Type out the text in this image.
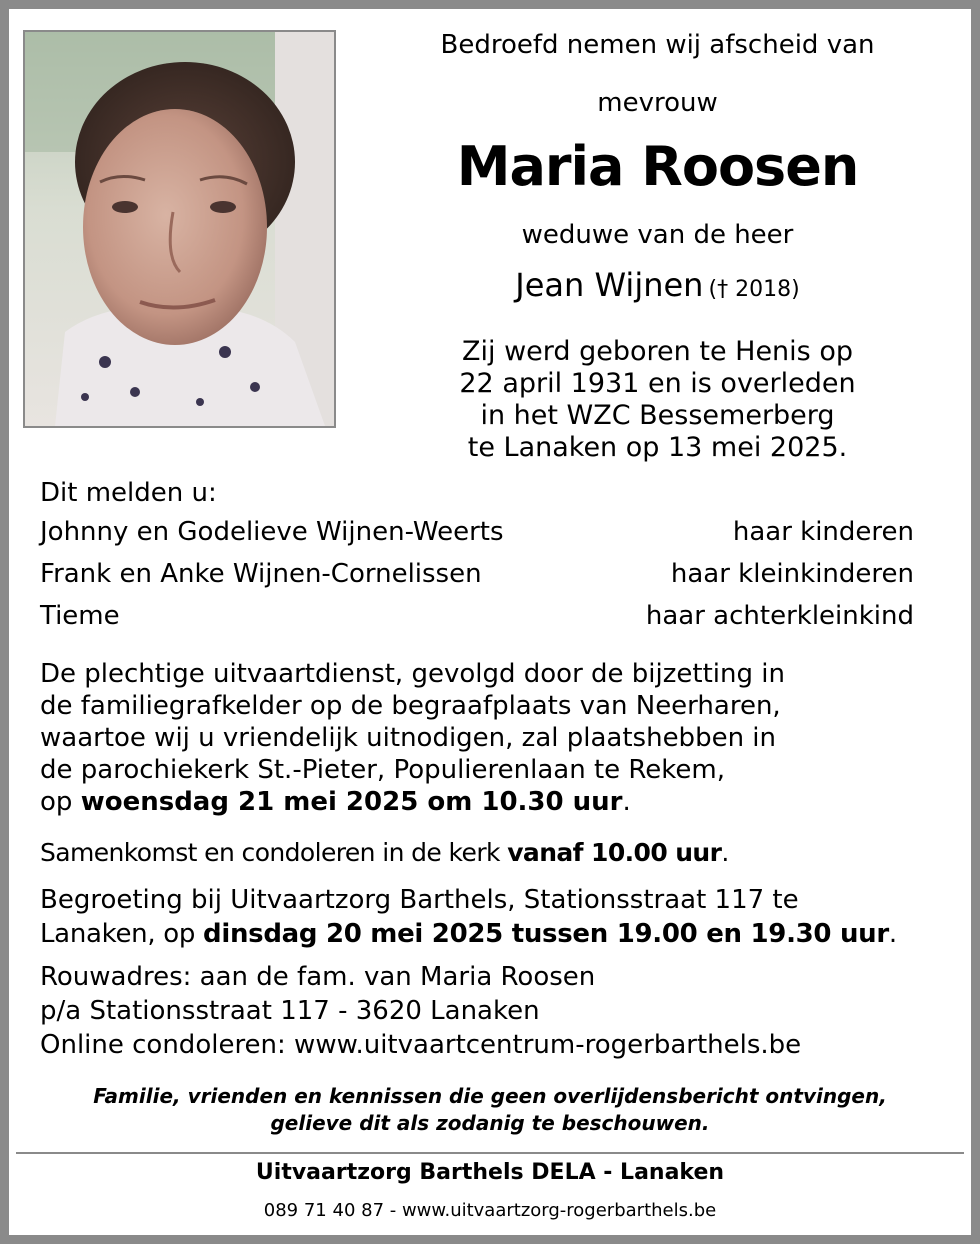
Bedroefd nemen wij afscheid van
mevrouw
Maria Roosen
weduwe van de heer
Jean Wijnen († 2018)
Zij werd geboren te Henis op
22 april 1931 en is overleden
in het WZC Bessemerberg
te Lanaken op 13 mei 2025.
Dit melden u:
Johnny en Godelieve Wijnen-Weerts	haar kinderen
Frank en Anke Wijnen-Cornelissen	haar kleinkinderen
Tieme	haar achterkleinkind
De plechtige uitvaartdienst, gevolgd door de bijzetting in
de familiegrafkelder op de begraafplaats van Neerharen,
waartoe wij u vriendelijk uitnodigen, zal plaatshebben in
de parochiekerk St.-Pieter, Populierenlaan te Rekem,
op woensdag 21 mei 2025 om 10.30 uur.
Samenkomst en condoleren in de kerk vanaf 10.00 uur.
Begroeting bij Uitvaartzorg Barthels, Stationsstraat 117 te
Lanaken, op dinsdag 20 mei 2025 tussen 19.00 en 19.30 uur.
Rouwadres: aan de fam. van Maria Roosen
p/a Stationsstraat 117 - 3620 Lanaken
Online condoleren: www.uitvaartcentrum-rogerbarthels.be
Familie, vrienden en kennissen die geen overlijdensbericht ontvingen,
gelieve dit als zodanig te beschouwen.
Uitvaartzorg Barthels DELA - Lanaken
089 71 40 87 - www.uitvaartzorg-rogerbarthels.be
